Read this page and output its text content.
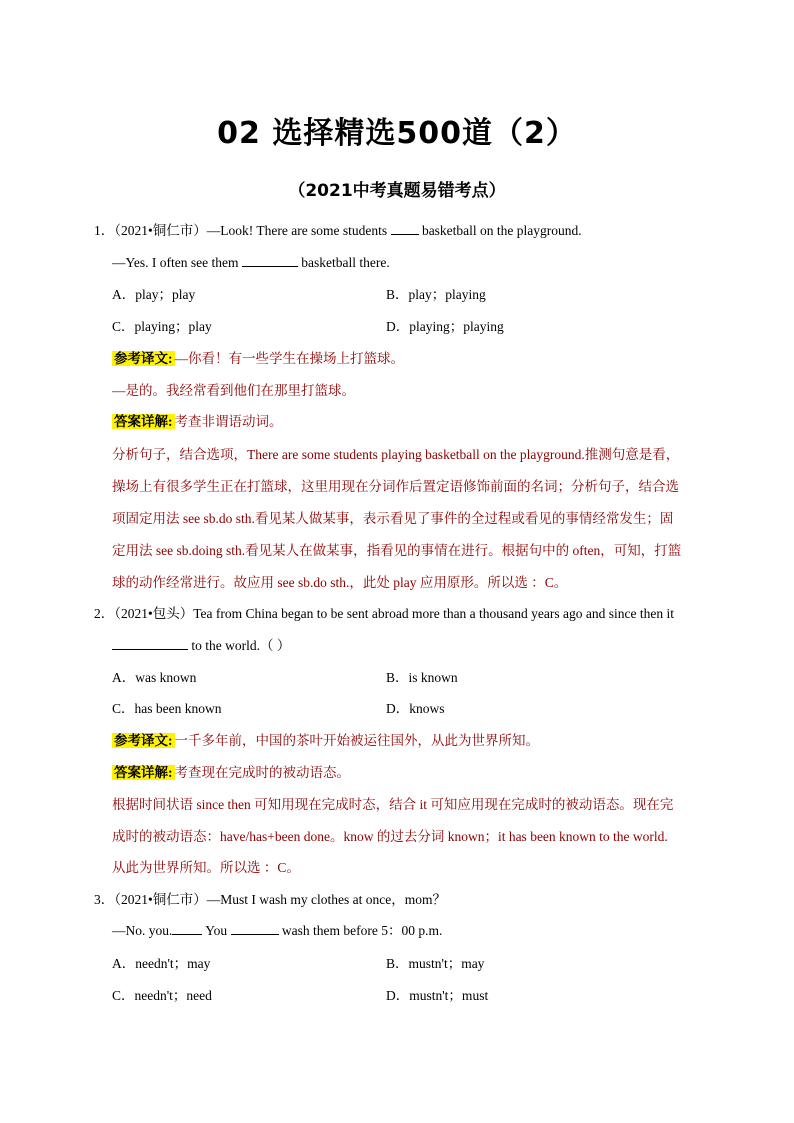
02 选择精选500道（2）
（2021中考真题易错考点）
1．（2021•铜仁市）—Look! There are some students	basketball on the playground.
—Yes. I often see them	basketball there.
A．play；play	B．play；playing
C．playing；play	D．playing；playing
参考译文: —你看！有一些学生在操场上打篮球。
—是的。我经常看到他们在那里打篮球。
答案详解: 考查非谓语动词。
分析句子，结合选项，There are some students playing basketball on the playground.推测句意是看，
操场上有很多学生正在打篮球，这里用现在分词作后置定语修饰前面的名词；分析句子，结合选
项固定用法 see sb.do sth.看见某人做某事，表示看见了事件的全过程或看见的事情经常发生；固
定用法 see sb.doing sth.看见某人在做某事，指看见的事情在进行。根据句中的 often，可知，打篮
球的动作经常进行。故应用 see sb.do sth.，此处 play 应用原形。所以选 ：C。
2．（2021•包头）Tea from China began to be sent abroad more than a thousand years ago and since then it
to the world.（ ）
A．was known	B．is known
C．has been known	D．knows
参考译文: 一千多年前，中国的茶叶开始被运往国外，从此为世界所知。
答案详解: 考查现在完成时的被动语态。
根据时间状语 since then 可知用现在完成时态，结合 it 可知应用现在完成时的被动语态。现在完
成时的被动语态：have/has+been done。know 的过去分词 known；it has been known to the world.
从此为世界所知。所以选 ：C。
3．（2021•铜仁市）—Must I wash my clothes at once，mom？
—No. you. You	wash them before 5：00 p.m.
A．needn't；may	B．mustn't；may
C．needn't；need	D．mustn't；must
